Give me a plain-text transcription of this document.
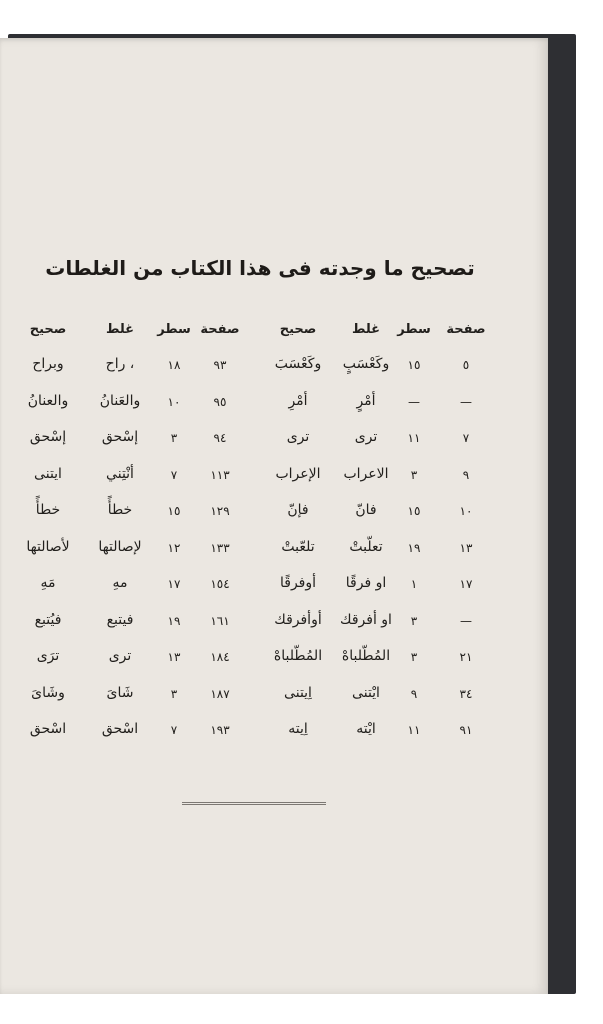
تصحيح ما وجدته فى هذا الكتاب من الغلطات
صفحة
سطر
غلط
صحيح
صفحة
سطر
غلط
صحيح
٥
١٥
وكَعْسَبٍ
وكَعْسَبَ
٩٣
١٨
، راح
وبراح
—
—
أمْرٍ
أمْرِ
٩٥
١٠
والعَنانُ
والعنانُ
٧
١١
ترى
ترى
٩٤
٣
إسْحق
إسْحق
٩
٣
الاعراب
الإعراب
١١٣
٧
أنْتِني
ايتنى
١٠
١٥
فانّ
فإنّ
١٢٩
١٥
خطأً
خطأً
١٣
١٩
تعلّبتْ
تلعّبتْ
١٣٣
١٢
لإصالتها
لأصالتها
١٧
١
او فرقًا
أوفرقًا
١٥٤
١٧
مهِ
مَهِ
—
٣
او أفرقك
أوأفرقك
١٦١
١٩
فيتبع
فيُتبع
٢١
٣
المُطّلباهْ
المُطّلباهْ
١٨٤
١٣
ترى
ترَى
٣٤
٩
ايْتنى
اِيتنى
١٨٧
٣
شَاىَ
وشَاىَ
٩١
١١
ايْته
اِيته
١٩٣
٧
اسْحق
اسْحق
